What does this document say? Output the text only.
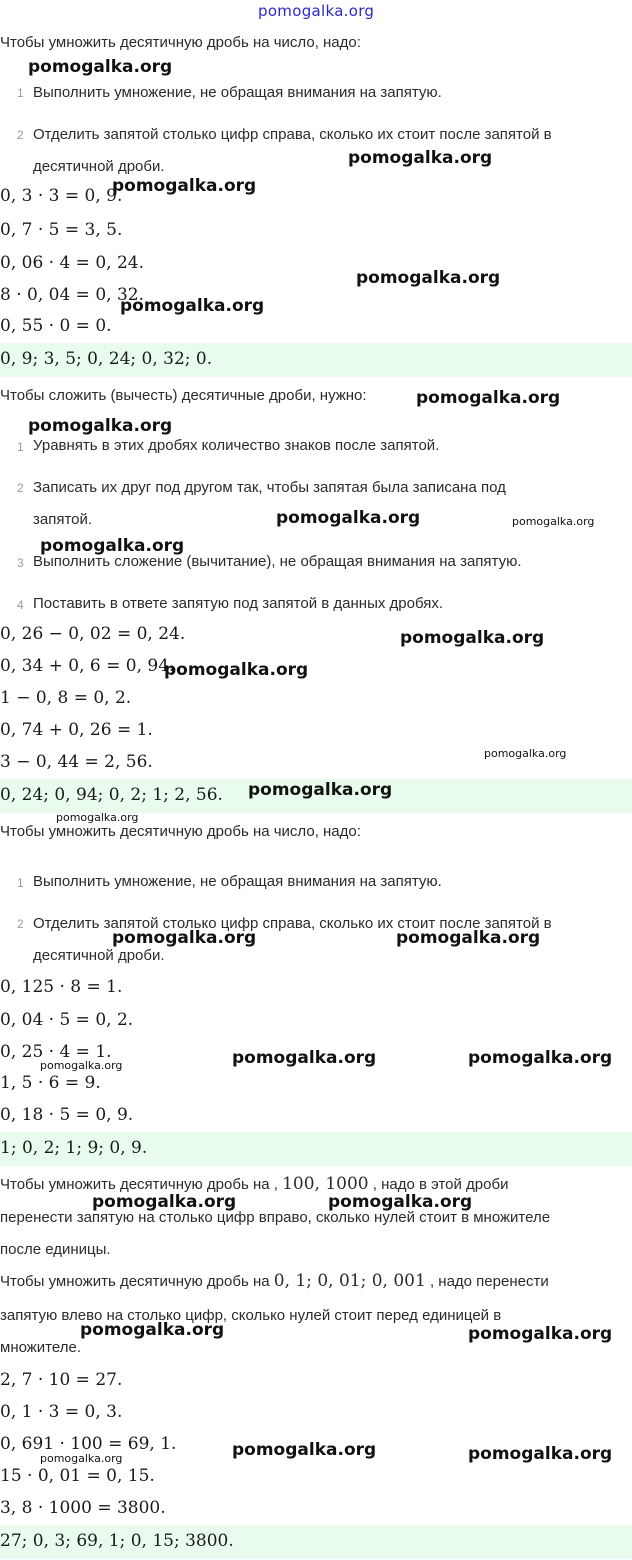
pomogalka.org
Чтобы умножить десятичную дробь на число, надо:
1 Выполнить умножение, не обращая внимания на запятую.
2 Отделить запятой столько цифр справа, сколько их стоит после запятой в
десятичной дроби.
0, 3 · 3 = 0, 9.
0, 7 · 5 = 3, 5.
0, 06 · 4 = 0, 24.
8 · 0, 04 = 0, 32.
0, 55 · 0 = 0.
0, 9; 3, 5; 0, 24; 0, 32; 0.
Чтобы сложить (вычесть) десятичные дроби, нужно:
1 Уравнять в этих дробях количество знаков после запятой.
2 Записать их друг под другом так, чтобы запятая была записана под
запятой.
3 Выполнить сложение (вычитание), не обращая внимания на запятую.
4 Поставить в ответе запятую под запятой в данных дробях.
0, 26 − 0, 02 = 0, 24.
0, 34 + 0, 6 = 0, 94.
1 − 0, 8 = 0, 2.
0, 74 + 0, 26 = 1.
3 − 0, 44 = 2, 56.
0, 24; 0, 94; 0, 2; 1; 2, 56.
Чтобы умножить десятичную дробь на число, надо:
1 Выполнить умножение, не обращая внимания на запятую.
2 Отделить запятой столько цифр справа, сколько их стоит после запятой в
десятичной дроби.
0, 125 · 8 = 1.
0, 04 · 5 = 0, 2.
0, 25 · 4 = 1.
1, 5 · 6 = 9.
0, 18 · 5 = 0, 9.
1; 0, 2; 1; 9; 0, 9.
Чтобы умножить десятичную дробь на , 100, 1000 , надо в этой дроби
перенести запятую на столько цифр вправо, сколько нулей стоит в множителе
после единицы.
Чтобы умножить десятичную дробь на 0, 1; 0, 01; 0, 001 , надо перенести
запятую влево на столько цифр, сколько нулей стоит перед единицей в
множителе.
2, 7 · 10 = 27.
0, 1 · 3 = 0, 3.
0, 691 · 100 = 69, 1.
15 · 0, 01 = 0, 15.
3, 8 · 1000 = 3800.
27; 0, 3; 69, 1; 0, 15; 3800.
pomogalka.org
pomogalka.org
pomogalka.org
pomogalka.org
pomogalka.org
pomogalka.org
pomogalka.org
pomogalka.org	pomogalka.org
pomogalka.org
pomogalka.org
pomogalka.org
pomogalka.org
pomogalka.org
pomogalka.org
pomogalka.org	pomogalka.org
pomogalka.org	pomogalka.org
pomogalka.org
pomogalka.org	pomogalka.org
pomogalka.org	pomogalka.org
pomogalka.org	pomogalka.org
pomogalka.org
